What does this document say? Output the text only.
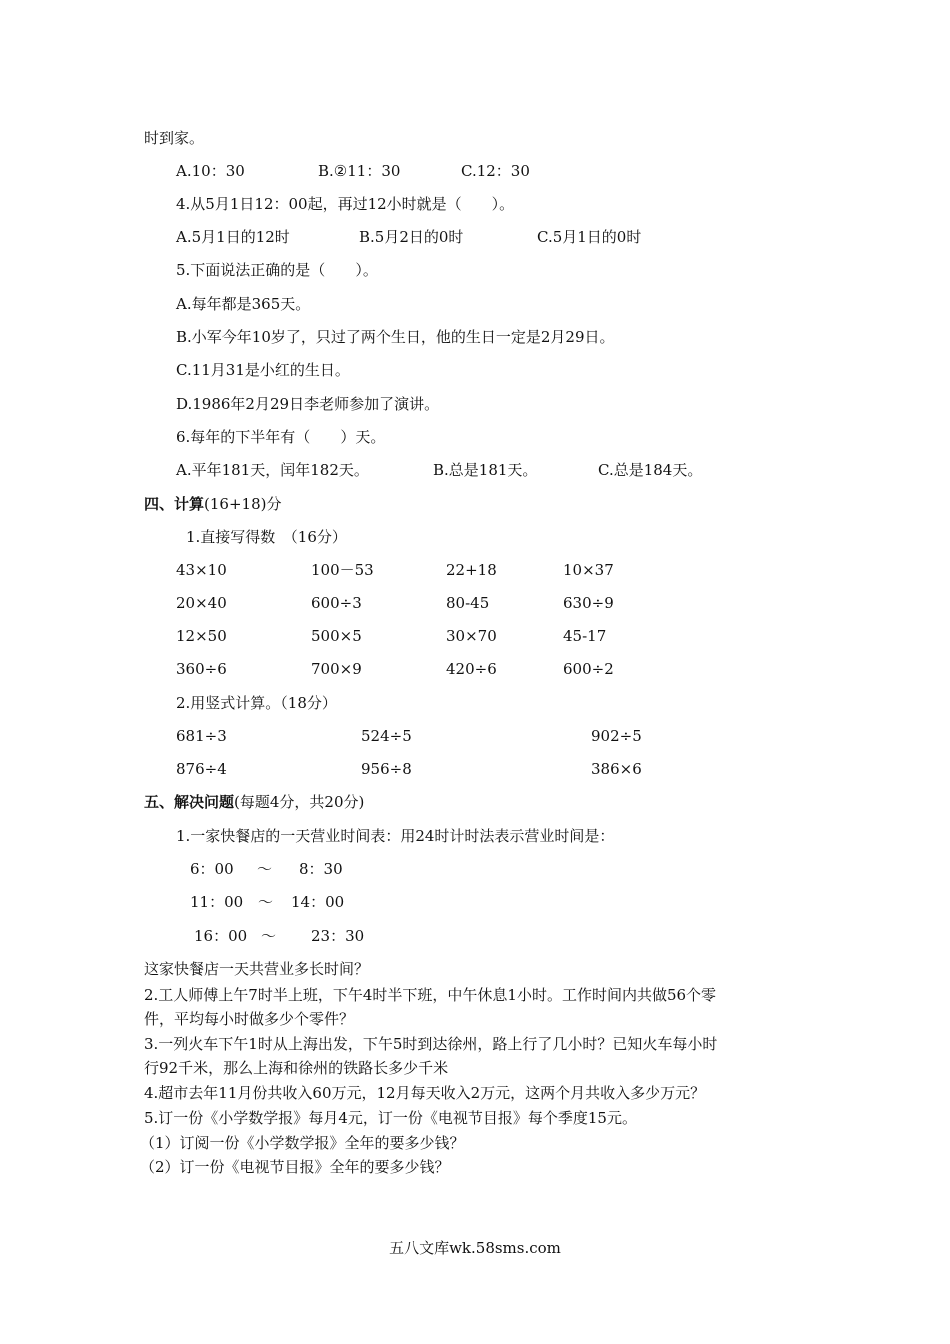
时到家。
A.10：30	B.②11：30	C.12：30
4.从5月1日12：00起，再过12小时就是（　　）。
A.5月1日的12时	B.5月2日的0时	C.5月1日的0时
5.下面说法正确的是（　　）。
A.每年都是365天。
B.小军今年10岁了，只过了两个生日，他的生日一定是2月29日。
C.11月31是小红的生日。
D.1986年2月29日李老师参加了演讲。
6.每年的下半年有（　　）天。
A.平年181天，闰年182天。	B.总是181天。	C.总是184天。
四、计算(16+18)分
1.直接写得数　（16分）
43×10	100－53	22+18	10×37
20×40	600÷3	80-45	630÷9
12×50	500×5	30×70	45-17
360÷6	700×9	420÷6	600÷2
2.用竖式计算。（18分）
681÷3	524÷5	902÷5
876÷4	956÷8	386×6
五、解决问题(每题4分，共20分)
1.一家快餐店的一天营业时间表：用24时计时法表示营业时间是：
6：00 ～ 8：30
11：00 ～ 14：00
16：00 ～ 23：30
这家快餐店一天共营业多长时间？
2.工人师傅上午7时半上班，下午4时半下班，中午休息1小时。工作时间内共做56个零
件，平均每小时做多少个零件？
3.一列火车下午1时从上海出发，下午5时到达徐州，路上行了几小时？已知火车每小时
行92千米，那么上海和徐州的铁路长多少千米
4.超市去年11月份共收入60万元，12月每天收入2万元，这两个月共收入多少万元？
5.订一份《小学数学报》每月4元，订一份《电视节目报》每个季度15元。
（1）订阅一份《小学数学报》全年的要多少钱？
（2）订一份《电视节目报》全年的要多少钱？
五八文库wk.58sms.com
